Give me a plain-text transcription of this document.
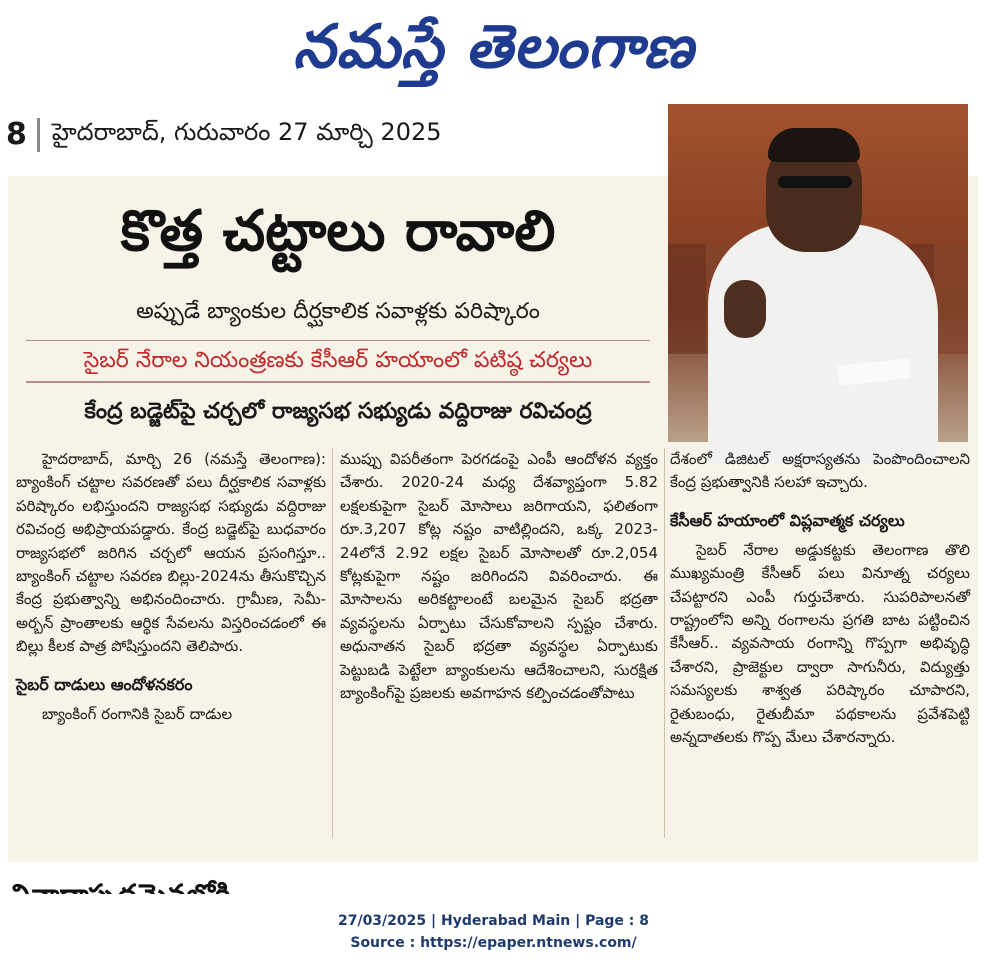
నమస్తే తెలంగాణ
8	హైదరాబాద్, గురువారం 27 మార్చి 2025
కొత్త చట్టాలు రావాలి
అప్పుడే బ్యాంకుల దీర్ఘకాలిక సవాళ్లకు పరిష్కారం
సైబర్ నేరాల నియంత్రణకు కేసీఆర్ హయాంలో పటిష్ఠ చర్యలు
కేంద్ర బడ్జెట్‌పై చర్చలో రాజ్యసభ సభ్యుడు వద్దిరాజు రవిచంద్ర

హైదరాబాద్, మార్చి 26 (నమస్తే తెలంగాణ): బ్యాంకింగ్ చట్టాల సవరణతో పలు దీర్ఘకాలిక సవాళ్లకు పరిష్కారం లభిస్తుందని రాజ్యసభ సభ్యుడు వద్దిరాజు రవిచంద్ర అభిప్రాయపడ్డారు. కేంద్ర బడ్జెట్‌పై బుధవారం రాజ్యసభలో జరిగిన చర్చలో ఆయన ప్రసంగిస్తూ.. బ్యాంకింగ్ చట్టాల సవరణ బిల్లు-2024ను తీసుకొచ్చిన కేంద్ర ప్రభుత్వాన్ని అభినందించారు. గ్రామీణ, సెమీ-అర్బన్ ప్రాంతాలకు ఆర్థిక సేవలను విస్తరించడంలో ఈ బిల్లు కీలక పాత్ర పోషిస్తుందని తెలిపారు.

సైబర్ దాడులు ఆందోళనకరం

బ్యాంకింగ్ రంగానికి సైబర్ దాడుల

ముప్పు విపరీతంగా పెరగడంపై ఎంపీ ఆందోళన వ్యక్తం చేశారు. 2020-24 మధ్య దేశవ్యాప్తంగా 5.82 లక్షలకుపైగా సైబర్ మోసాలు జరిగాయని, ఫలితంగా రూ.3,207 కోట్ల నష్టం వాటిల్లిందని, ఒక్క 2023-24లోనే 2.92 లక్షల సైబర్ మోసాలతో రూ.2,054 కోట్లకుపైగా నష్టం జరిగిందని వివరించారు. ఈ మోసాలను అరికట్టాలంటే బలమైన సైబర్ భద్రతా వ్యవస్థలను ఏర్పాటు చేసుకోవాలని స్పష్టం చేశారు. అధునాతన సైబర్ భద్రతా వ్యవస్థల ఏర్పాటుకు పెట్టుబడి పెట్టేలా బ్యాంకులను ఆదేశించాలని, సురక్షిత బ్యాంకింగ్‌పై ప్రజలకు అవగాహన కల్పించడంతోపాటు

దేశంలో డిజిటల్ అక్షరాస్యతను పెంపొందించాలని కేంద్ర ప్రభుత్వానికి సలహా ఇచ్చారు.

కేసీఆర్ హయాంలో విప్లవాత్మక చర్యలు

సైబర్ నేరాల అడ్డుకట్టకు తెలంగాణ తొలి ముఖ్యమంత్రి కేసీఆర్ పలు వినూత్న చర్యలు చేపట్టారని ఎంపీ గుర్తుచేశారు. సుపరిపాలనతో రాష్ట్రంలోని అన్ని రంగాలను ప్రగతి బాట పట్టించిన కేసీఆర్.. వ్యవసాయ రంగాన్ని గొప్పగా అభివృద్ధి చేశారని, ప్రాజెక్టుల ద్వారా సాగునీరు, విద్యుత్తు సమస్యలకు శాశ్వత పరిష్కారం చూపారని, రైతుబంధు, రైతుబీమా పథకాలను ప్రవేశపెట్టి అన్నదాతలకు గొప్ప మేలు చేశారన్నారు.

27/03/2025 | Hyderabad Main | Page : 8
Source : https://epaper.ntnews.com/
